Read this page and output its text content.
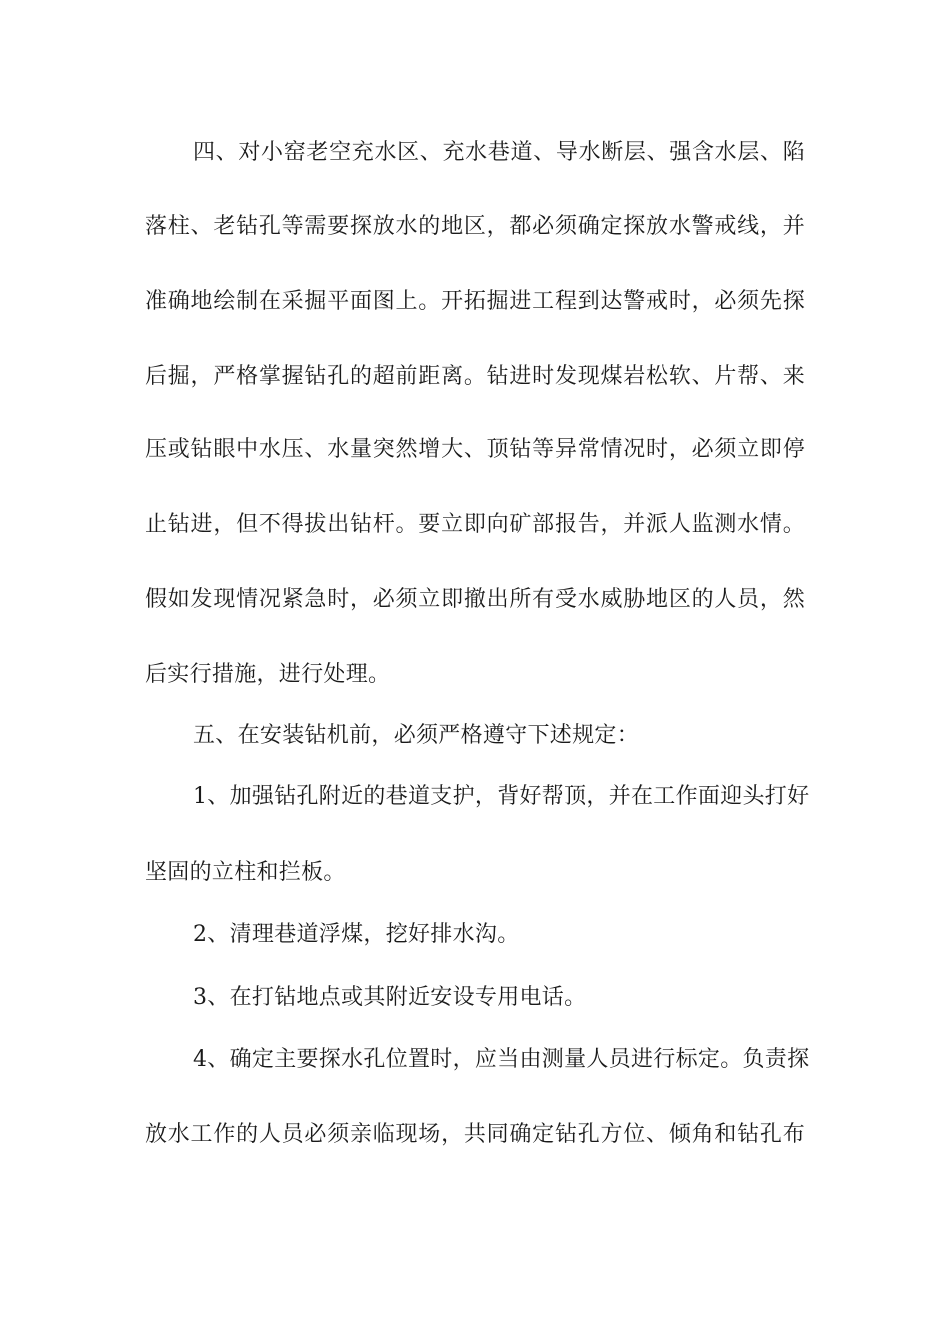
四、对小窑老空充水区、充水巷道、导水断层、强含水层、陷
落柱、老钻孔等需要探放水的地区，都必须确定探放水警戒线，并
准确地绘制在采掘平面图上。开拓掘进工程到达警戒时，必须先探
后掘，严格掌握钻孔的超前距离。钻进时发现煤岩松软、片帮、来
压或钻眼中水压、水量突然增大、顶钻等异常情况时，必须立即停
止钻进，但不得拔出钻杆。要立即向矿部报告，并派人监测水情。
假如发现情况紧急时，必须立即撤出所有受水威胁地区的人员，然
后实行措施，进行处理。
五、在安装钻机前，必须严格遵守下述规定：
1、加强钻孔附近的巷道支护，背好帮顶，并在工作面迎头打好
坚固的立柱和拦板。
2、清理巷道浮煤，挖好排水沟。
3、在打钻地点或其附近安设专用电话。
4、确定主要探水孔位置时，应当由测量人员进行标定。负责探
放水工作的人员必须亲临现场，共同确定钻孔方位、倾角和钻孔布
